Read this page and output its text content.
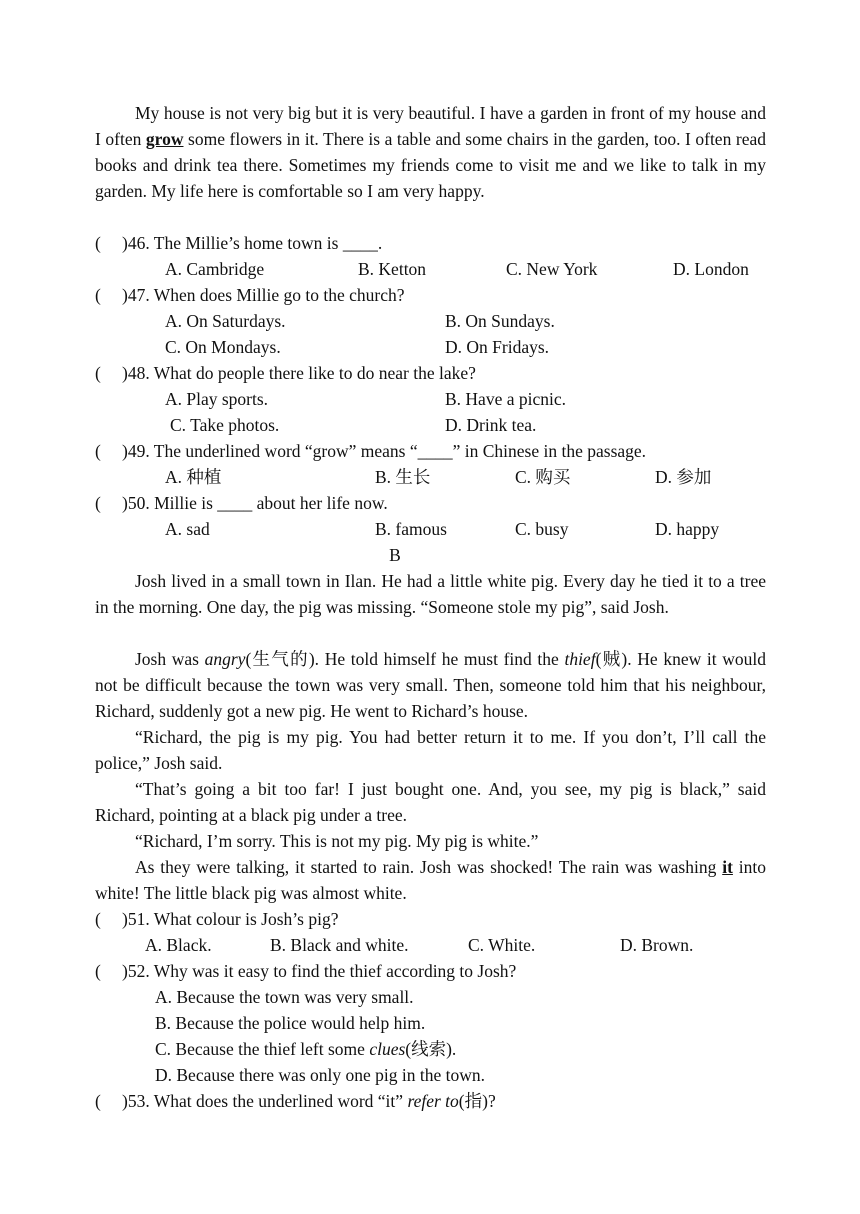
My house is not very big but it is very beautiful. I have a garden in front of my house and I often grow some flowers in it. There is a table and some chairs in the garden, too. I often read books and drink tea there. Sometimes my friends come to visit me and we like to talk in my garden. My life here is comfortable so I am very happy.

( )46. The Millie’s home town is ____.
A. Cambridge	B. Ketton	C. New York	D. London
( )47. When does Millie go to the church?
A. On Saturdays.	B. On Sundays.
C. On Mondays.	D. On Fridays.
( )48. What do people there like to do near the lake?
A. Play sports.	B. Have a picnic.
C. Take photos.	D. Drink tea.
( )49. The underlined word “grow” means “____” in Chinese in the passage.
A. 种植	B. 生长	C. 购买	D. 参加
( )50. Millie is ____ about her life now.
A. sad	B. famous	C. busy	D. happy
B

Josh lived in a small town in Ilan. He had a little white pig. Every day he tied it to a tree in the morning. One day, the pig was missing. “Someone stole my pig”, said Josh.

Josh was angry(生气的). He told himself he must find the thief(贼). He knew it would not be difficult because the town was very small. Then, someone told him that his neighbour, Richard, suddenly got a new pig. He went to Richard’s house.

“Richard, the pig is my pig. You had better return it to me. If you don’t, I’ll call the police,” Josh said.

“That’s going a bit too far! I just bought one. And, you see, my pig is black,” said Richard, pointing at a black pig under a tree.

“Richard, I’m sorry. This is not my pig. My pig is white.”

As they were talking, it started to rain. Josh was shocked! The rain was washing it into white! The little black pig was almost white.

( )51. What colour is Josh’s pig?
A. Black.	B. Black and white.	C. White.	D. Brown.
( )52. Why was it easy to find the thief according to Josh?
A. Because the town was very small.
B. Because the police would help him.
C. Because the thief left some clues(线索).
D. Because there was only one pig in the town.
( )53. What does the underlined word “it” refer to(指)?
